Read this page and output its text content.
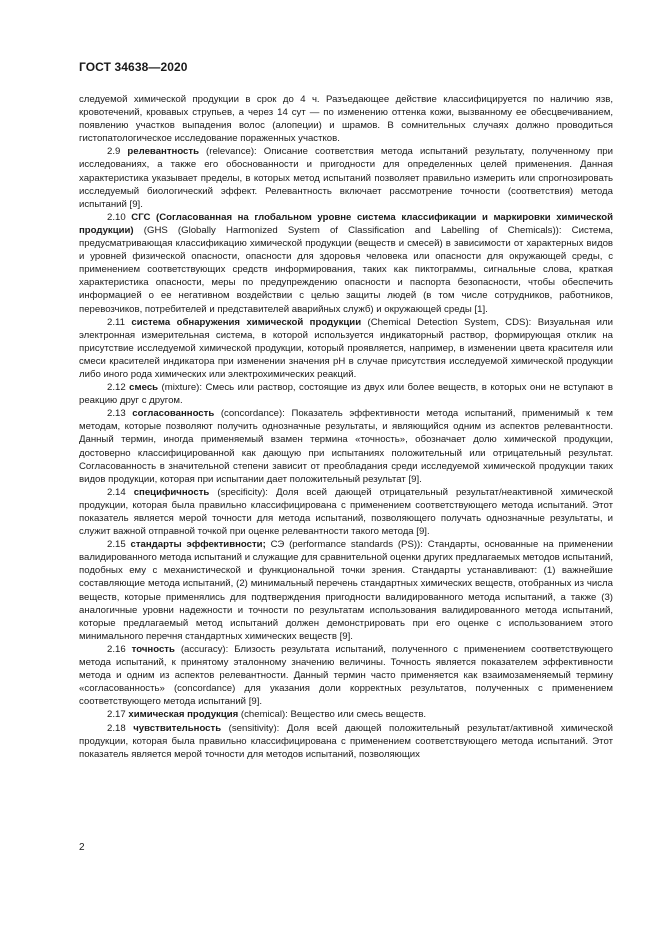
ГОСТ 34638—2020

следуемой химической продукции в срок до 4 ч. Разъедающее действие классифицируется по наличию язв, кровотечений, кровавых струпьев, а через 14 сут — по изменению оттенка кожи, вызванному ее обесцвечиванием, появлению участков выпадения волос (алопеции) и шрамов. В сомнительных случаях должно проводиться гистопатологическое исследование пораженных участков.

2.9 релевантность (relevance): Описание соответствия метода испытаний результату, полученному при исследованиях, а также его обоснованности и пригодности для определенных целей применения. Данная характеристика указывает пределы, в которых метод испытаний позволяет правильно измерить или спрогнозировать исследуемый биологический эффект. Релевантность включает рассмотрение точности (соответствия) метода испытаний [9].

2.10 СГС (Согласованная на глобальном уровне система классификации и маркировки химической продукции) (GHS (Globally Harmonized System of Classification and Labelling of Chemicals)): Система, предусматривающая классификацию химической продукции (веществ и смесей) в зависимости от характерных видов и уровней физической опасности, опасности для здоровья человека или опасности для окружающей среды, с применением соответствующих средств информирования, таких как пиктограммы, сигнальные слова, краткая характеристика опасности, меры по предупреждению опасности и паспорта безопасности, чтобы обеспечить информацией о ее негативном воздействии с целью защиты людей (в том числе сотрудников, работников, перевозчиков, потребителей и представителей аварийных служб) и окружающей среды [1].

2.11 система обнаружения химической продукции (Chemical Detection System, CDS): Визуальная или электронная измерительная система, в которой используется индикаторный раствор, формирующая отклик на присутствие исследуемой химической продукции, который проявляется, например, в изменении цвета красителя или смеси красителей индикатора при изменении значения pH в случае присутствия исследуемой химической продукции либо иного рода химических или электрохимических реакций.

2.12 смесь (mixture): Смесь или раствор, состоящие из двух или более веществ, в которых они не вступают в реакцию друг с другом.

2.13 согласованность (concordance): Показатель эффективности метода испытаний, применимый к тем методам, которые позволяют получить однозначные результаты, и являющийся одним из аспектов релевантности. Данный термин, иногда применяемый взамен термина «точность», обозначает долю химической продукции, достоверно классифицированной как дающую при испытаниях положительный или отрицательный результат. Согласованность в значительной степени зависит от преобладания среди исследуемой химической продукции таких видов продукции, которая при испытании дает положительный результат [9].

2.14 специфичность (specificity): Доля всей дающей отрицательный результат/неактивной химической продукции, которая была правильно классифицирована с применением соответствующего метода испытаний. Этот показатель является мерой точности для метода испытаний, позволяющего получать однозначные результаты, и служит важной отправной точкой при оценке релевантности такого метода [9].

2.15 стандарты эффективности; СЭ (performance standards (PS)): Стандарты, основанные на применении валидированного метода испытаний и служащие для сравнительной оценки других предлагаемых методов испытаний, подобных ему с механистической и функциональной точки зрения. Стандарты устанавливают: (1) важнейшие составляющие метода испытаний, (2) минимальный перечень стандартных химических веществ, отобранных из числа веществ, которые применялись для подтверждения пригодности валидированного метода испытаний, а также (3) аналогичные уровни надежности и точности по результатам использования валидированного метода испытаний, которые предлагаемый метод испытаний должен демонстрировать при его оценке с использованием этого минимального перечня стандартных химических веществ [9].

2.16 точность (accuracy): Близость результата испытаний, полученного с применением соответствующего метода испытаний, к принятому эталонному значению величины. Точность является показателем эффективности метода и одним из аспектов релевантности. Данный термин часто применяется как взаимозаменяемый термину «согласованность» (concordance) для указания доли корректных результатов, полученных с применением соответствующего метода испытаний [9].

2.17 химическая продукция (chemical): Вещество или смесь веществ.

2.18 чувствительность (sensitivity): Доля всей дающей положительный результат/активной химической продукции, которая была правильно классифицирована с применением соответствующего метода испытаний. Этот показатель является мерой точности для методов испытаний, позволяющих

2
